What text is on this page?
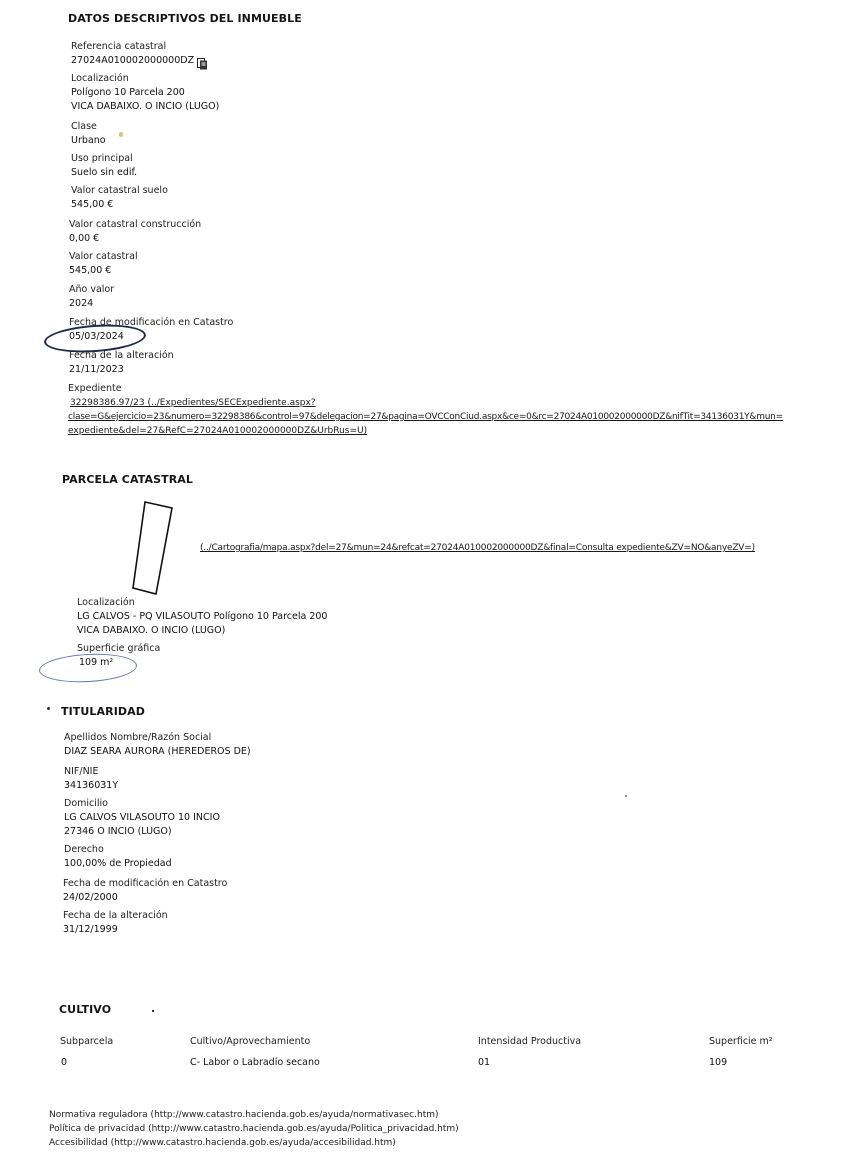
DATOS DESCRIPTIVOS DEL INMUEBLE
Referencia catastral
27024A010002000000DZ
Localización
Polígono 10 Parcela 200
VICA DABAIXO. O INCIO (LUGO)
Clase
Urbano
Uso principal
Suelo sin edif.
Valor catastral suelo
545,00 €
Valor catastral construcción
0,00 €
Valor catastral
545,00 €
Año valor
2024
Fecha de modificación en Catastro
05/03/2024
Fecha de la alteración
21/11/2023
Expediente
32298386.97/23 (../Expedientes/SECExpediente.aspx?
clase=G&ejercicio=23&numero=32298386&control=97&delegacion=27&pagina=OVCConCiud.aspx&ce=0&rc=27024A010002000000DZ&nifTit=34136031Y&mun=
expediente&del=27&RefC=27024A010002000000DZ&UrbRus=U)
PARCELA CATASTRAL
(../Cartografia/mapa.aspx?del=27&mun=24&refcat=27024A010002000000DZ&final=Consulta expediente&ZV=NO&anyeZV=)
Localización
LG CALVOS - PQ VILASOUTO Polígono 10 Parcela 200
VICA DABAIXO. O INCIO (LUGO)
Superficie gráfica
109 m²
TITULARIDAD
Apellidos Nombre/Razón Social
DIAZ SEARA AURORA (HEREDEROS DE)
NIF/NIE
34136031Y
Domicilio
LG CALVOS VILASOUTO 10 INCIO
27346 O INCIO (LUGO)
Derecho
100,00% de Propiedad
Fecha de modificación en Catastro
24/02/2000
Fecha de la alteración
31/12/1999
CULTIVO
Subparcela	Cultivo/Aprovechamiento	Intensidad Productiva	Superficie m²
0	C- Labor o Labradío secano	01	109
Normativa reguladora (http://www.catastro.hacienda.gob.es/ayuda/normativasec.htm)
Política de privacidad (http://www.catastro.hacienda.gob.es/ayuda/Politica_privacidad.htm)
Accesibilidad (http://www.catastro.hacienda.gob.es/ayuda/accesibilidad.htm)
